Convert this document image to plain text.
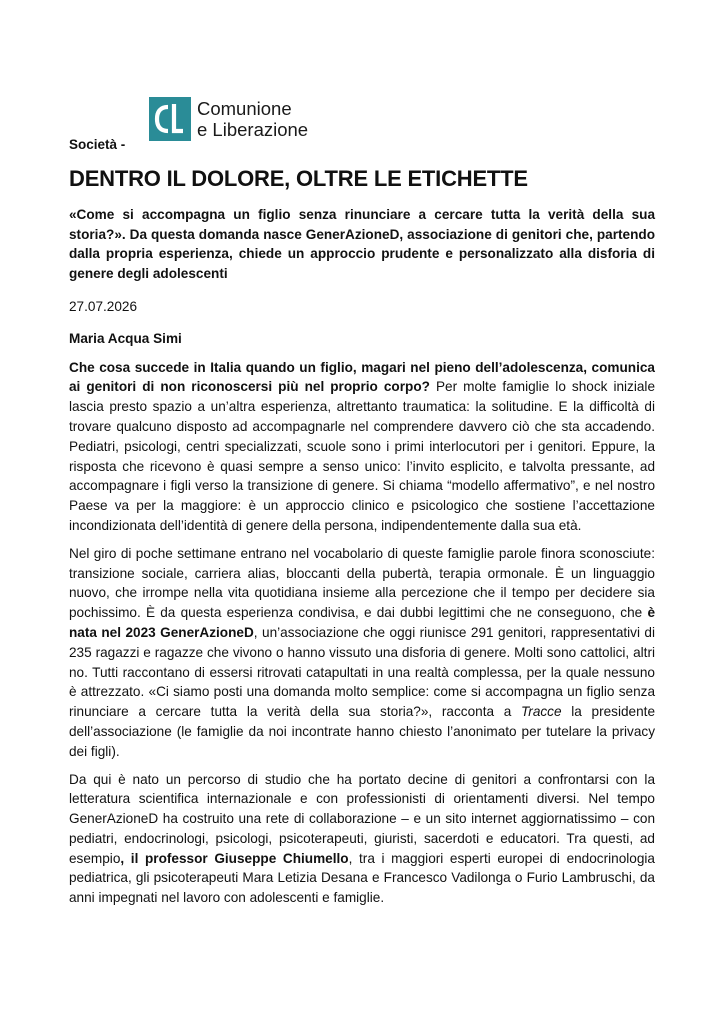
Comunione
e Liberazione
Società -
DENTRO IL DOLORE, OLTRE LE ETICHETTE

«Come si accompagna un figlio senza rinunciare a cercare tutta la verità della sua storia?». Da questa domanda nasce GenerAzioneD, associazione di genitori che, partendo dalla propria esperienza, chiede un approccio prudente e personalizzato alla disforia di genere degli adolescenti

27.07.2026

Maria Acqua Simi

Che cosa succede in Italia quando un figlio, magari nel pieno dell’adolescenza, comunica ai genitori di non riconoscersi più nel proprio corpo? Per molte famiglie lo shock iniziale lascia presto spazio a un’altra esperienza, altrettanto traumatica: la solitudine. E la difficoltà di trovare qualcuno disposto ad accompagnarle nel comprendere davvero ciò che sta accadendo. Pediatri, psicologi, centri specializzati, scuole sono i primi interlocutori per i genitori. Eppure, la risposta che ricevono è quasi sempre a senso unico: l’invito esplicito, e talvolta pressante, ad accompagnare i figli verso la transizione di genere. Si chiama “modello affermativo”, e nel nostro Paese va per la maggiore: è un approccio clinico e psicologico che sostiene l’accettazione incondizionata dell’identità di genere della persona, indipendentemente dalla sua età.

Nel giro di poche settimane entrano nel vocabolario di queste famiglie parole finora sconosciute: transizione sociale, carriera alias, bloccanti della pubertà, terapia ormonale. È un linguaggio nuovo, che irrompe nella vita quotidiana insieme alla percezione che il tempo per decidere sia pochissimo. È da questa esperienza condivisa, e dai dubbi legittimi che ne conseguono, che è nata nel 2023 GenerAzioneD, un’associazione che oggi riunisce 291 genitori, rappresentativi di 235 ragazzi e ragazze che vivono o hanno vissuto una disforia di genere. Molti sono cattolici, altri no. Tutti raccontano di essersi ritrovati catapultati in una realtà complessa, per la quale nessuno è attrezzato. «Ci siamo posti una domanda molto semplice: come si accompagna un figlio senza rinunciare a cercare tutta la verità della sua storia?», racconta a Tracce la presidente dell’associazione (le famiglie da noi incontrate hanno chiesto l’anonimato per tutelare la privacy dei figli).

Da qui è nato un percorso di studio che ha portato decine di genitori a confrontarsi con la letteratura scientifica internazionale e con professionisti di orientamenti diversi. Nel tempo GenerAzioneD ha costruito una rete di collaborazione – e un sito internet aggiornatissimo – con pediatri, endocrinologi, psicologi, psicoterapeuti, giuristi, sacerdoti e educatori. Tra questi, ad esempio, il professor Giuseppe Chiumello, tra i maggiori esperti europei di endocrinologia pediatrica, gli psicoterapeuti Mara Letizia Desana e Francesco Vadilonga o Furio Lambruschi, da anni impegnati nel lavoro con adolescenti e famiglie.
